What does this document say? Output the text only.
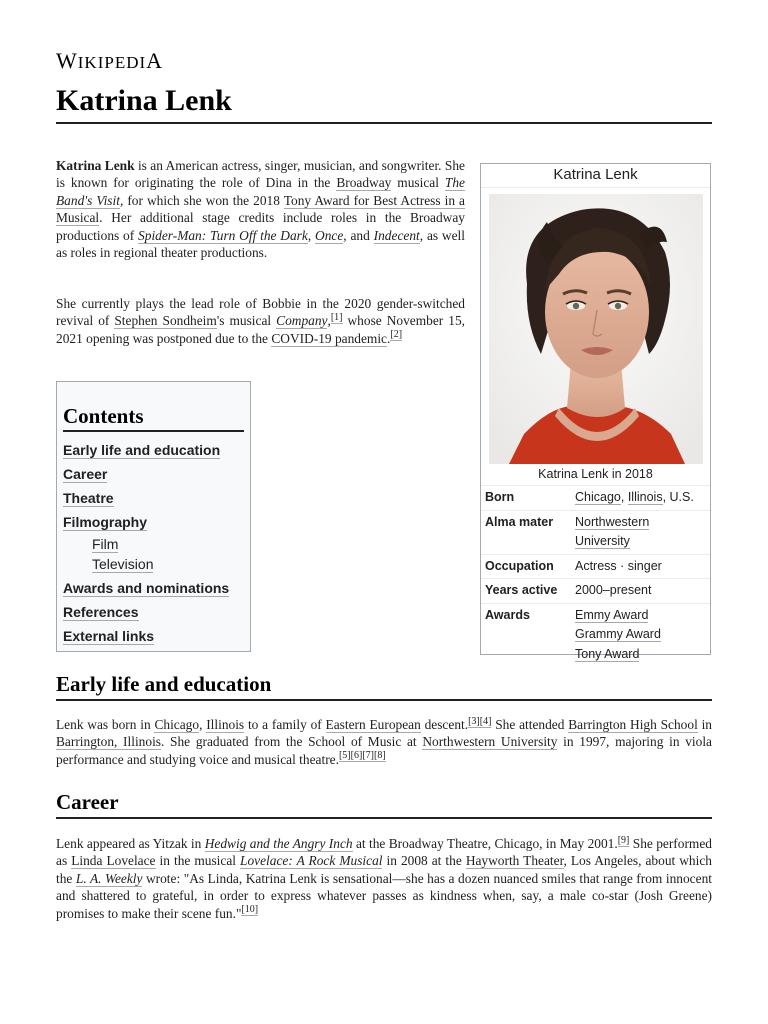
WIKIPEDIA
Katrina Lenk

Katrina Lenk is an American actress, singer, musician, and songwriter. She is known for originating the role of Dina in the Broadway musical The Band's Visit, for which she won the 2018 Tony Award for Best Actress in a Musical. Her additional stage credits include roles in the Broadway productions of Spider-Man: Turn Off the Dark, Once, and Indecent, as well as roles in regional theater productions.

She currently plays the lead role of Bobbie in the 2020 gender-switched revival of Stephen Sondheim's musical Company,[1] whose November 15, 2021 opening was postponed due to the COVID-19 pandemic.[2]

Katrina Lenk
Katrina Lenk in 2018
Born	Chicago, Illinois, U.S.
Alma mater	Northwestern
University
Occupation	Actress · singer
Years active	2000–present
Awards	Emmy Award
Grammy Award
Tony Award
Contents
Early life and education
Career
Theatre
Filmography
Film
Television
Awards and nominations
References
External links
Early life and education

Lenk was born in Chicago, Illinois to a family of Eastern European descent.[3][4] She attended Barrington High School in Barrington, Illinois. She graduated from the School of Music at Northwestern University in 1997, majoring in viola performance and studying voice and musical theatre.[5][6][7][8]

Career

Lenk appeared as Yitzak in Hedwig and the Angry Inch at the Broadway Theatre, Chicago, in May 2001.[9] She performed as Linda Lovelace in the musical Lovelace: A Rock Musical in 2008 at the Hayworth Theater, Los Angeles, about which the L. A. Weekly wrote: "As Linda, Katrina Lenk is sensational—she has a dozen nuanced smiles that range from innocent and shattered to grateful, in order to express whatever passes as kindness when, say, a male co-star (Josh Greene) promises to make their scene fun."[10]
